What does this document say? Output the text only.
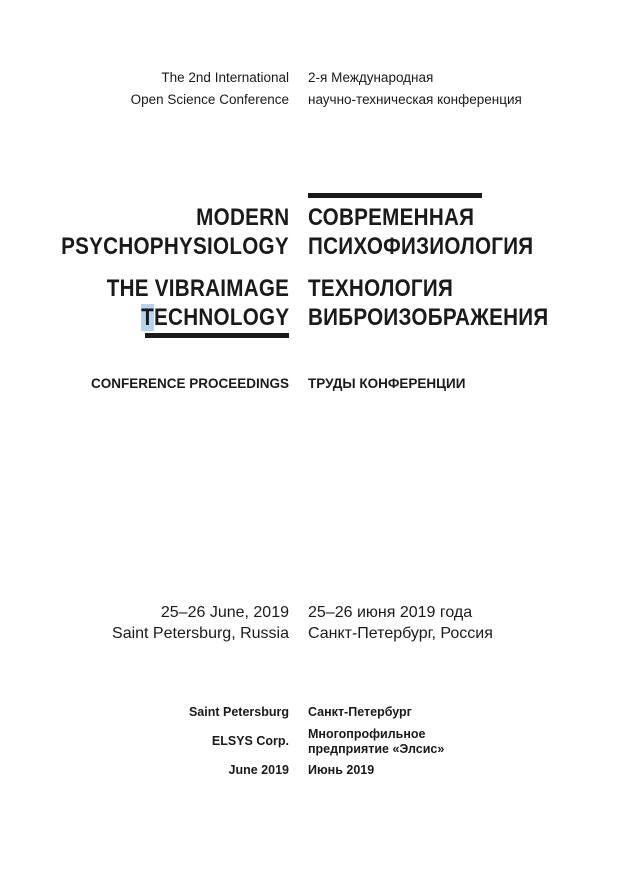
The 2nd International
Open Science Conference
2-я Международная
научно-техническая конференция
MODERN
PSYCHOPHYSIOLOGY
THE VIBRAIMAGE
TECHNOLOGY
СОВРЕМЕННАЯ
ПСИХОФИЗИОЛОГИЯ
ТЕХНОЛОГИЯ
ВИБРОИЗОБРАЖЕНИЯ
CONFERENCE PROCEEDINGS ТРУДЫ КОНФЕРЕНЦИИ
25–26 June, 2019
Saint Petersburg, Russia
25–26 июня 2019 года
Санкт-Петербург, Россия
Saint Petersburg
ELSYS Corp.
June 2019
Санкт-Петербург
Многопрофильное
предприятие «Элсис»
Июнь 2019
